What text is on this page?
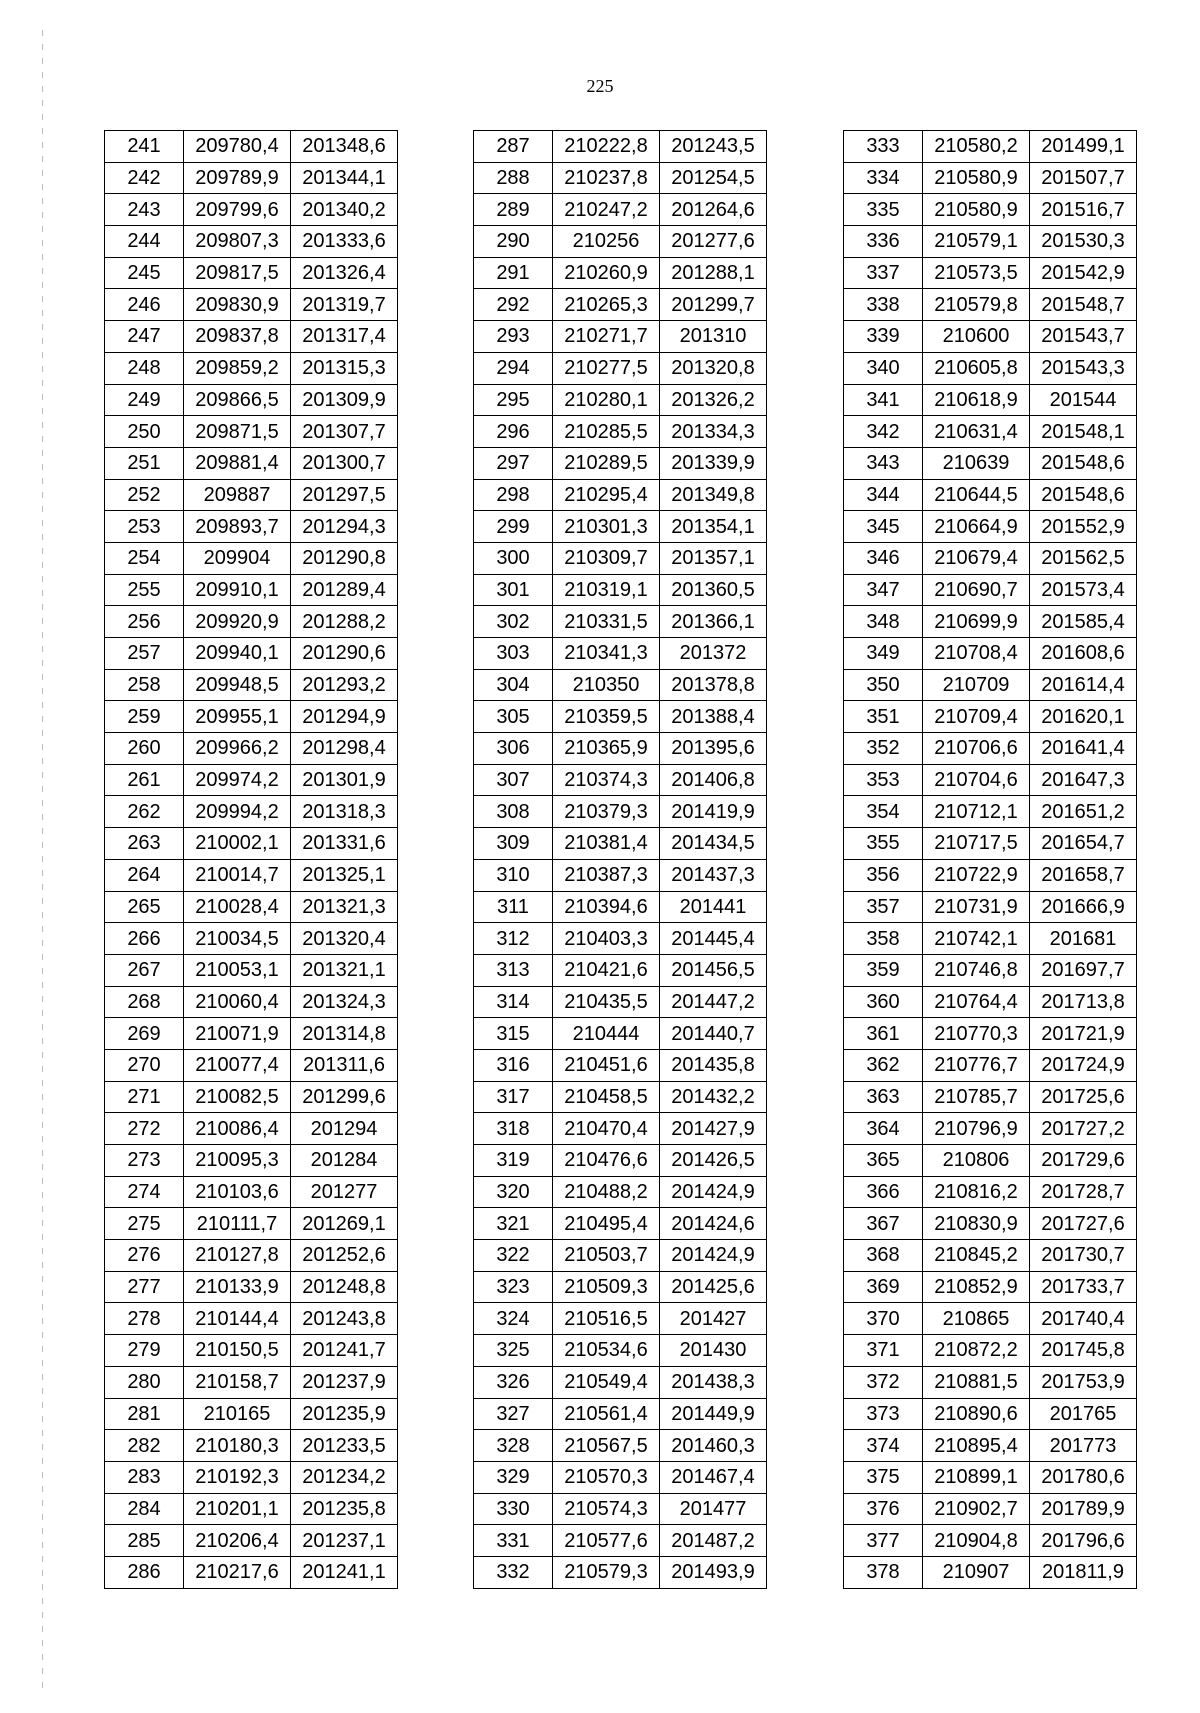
225
241	209780,4	201348,6
242	209789,9	201344,1
243	209799,6	201340,2
244	209807,3	201333,6
245	209817,5	201326,4
246	209830,9	201319,7
247	209837,8	201317,4
248	209859,2	201315,3
249	209866,5	201309,9
250	209871,5	201307,7
251	209881,4	201300,7
252	209887	201297,5
253	209893,7	201294,3
254	209904	201290,8
255	209910,1	201289,4
256	209920,9	201288,2
257	209940,1	201290,6
258	209948,5	201293,2
259	209955,1	201294,9
260	209966,2	201298,4
261	209974,2	201301,9
262	209994,2	201318,3
263	210002,1	201331,6
264	210014,7	201325,1
265	210028,4	201321,3
266	210034,5	201320,4
267	210053,1	201321,1
268	210060,4	201324,3
269	210071,9	201314,8
270	210077,4	201311,6
271	210082,5	201299,6
272	210086,4	201294
273	210095,3	201284
274	210103,6	201277
275	210111,7	201269,1
276	210127,8	201252,6
277	210133,9	201248,8
278	210144,4	201243,8
279	210150,5	201241,7
280	210158,7	201237,9
281	210165	201235,9
282	210180,3	201233,5
283	210192,3	201234,2
284	210201,1	201235,8
285	210206,4	201237,1
286	210217,6	201241,1
287	210222,8	201243,5
288	210237,8	201254,5
289	210247,2	201264,6
290	210256	201277,6
291	210260,9	201288,1
292	210265,3	201299,7
293	210271,7	201310
294	210277,5	201320,8
295	210280,1	201326,2
296	210285,5	201334,3
297	210289,5	201339,9
298	210295,4	201349,8
299	210301,3	201354,1
300	210309,7	201357,1
301	210319,1	201360,5
302	210331,5	201366,1
303	210341,3	201372
304	210350	201378,8
305	210359,5	201388,4
306	210365,9	201395,6
307	210374,3	201406,8
308	210379,3	201419,9
309	210381,4	201434,5
310	210387,3	201437,3
311	210394,6	201441
312	210403,3	201445,4
313	210421,6	201456,5
314	210435,5	201447,2
315	210444	201440,7
316	210451,6	201435,8
317	210458,5	201432,2
318	210470,4	201427,9
319	210476,6	201426,5
320	210488,2	201424,9
321	210495,4	201424,6
322	210503,7	201424,9
323	210509,3	201425,6
324	210516,5	201427
325	210534,6	201430
326	210549,4	201438,3
327	210561,4	201449,9
328	210567,5	201460,3
329	210570,3	201467,4
330	210574,3	201477
331	210577,6	201487,2
332	210579,3	201493,9
333	210580,2	201499,1
334	210580,9	201507,7
335	210580,9	201516,7
336	210579,1	201530,3
337	210573,5	201542,9
338	210579,8	201548,7
339	210600	201543,7
340	210605,8	201543,3
341	210618,9	201544
342	210631,4	201548,1
343	210639	201548,6
344	210644,5	201548,6
345	210664,9	201552,9
346	210679,4	201562,5
347	210690,7	201573,4
348	210699,9	201585,4
349	210708,4	201608,6
350	210709	201614,4
351	210709,4	201620,1
352	210706,6	201641,4
353	210704,6	201647,3
354	210712,1	201651,2
355	210717,5	201654,7
356	210722,9	201658,7
357	210731,9	201666,9
358	210742,1	201681
359	210746,8	201697,7
360	210764,4	201713,8
361	210770,3	201721,9
362	210776,7	201724,9
363	210785,7	201725,6
364	210796,9	201727,2
365	210806	201729,6
366	210816,2	201728,7
367	210830,9	201727,6
368	210845,2	201730,7
369	210852,9	201733,7
370	210865	201740,4
371	210872,2	201745,8
372	210881,5	201753,9
373	210890,6	201765
374	210895,4	201773
375	210899,1	201780,6
376	210902,7	201789,9
377	210904,8	201796,6
378	210907	201811,9
